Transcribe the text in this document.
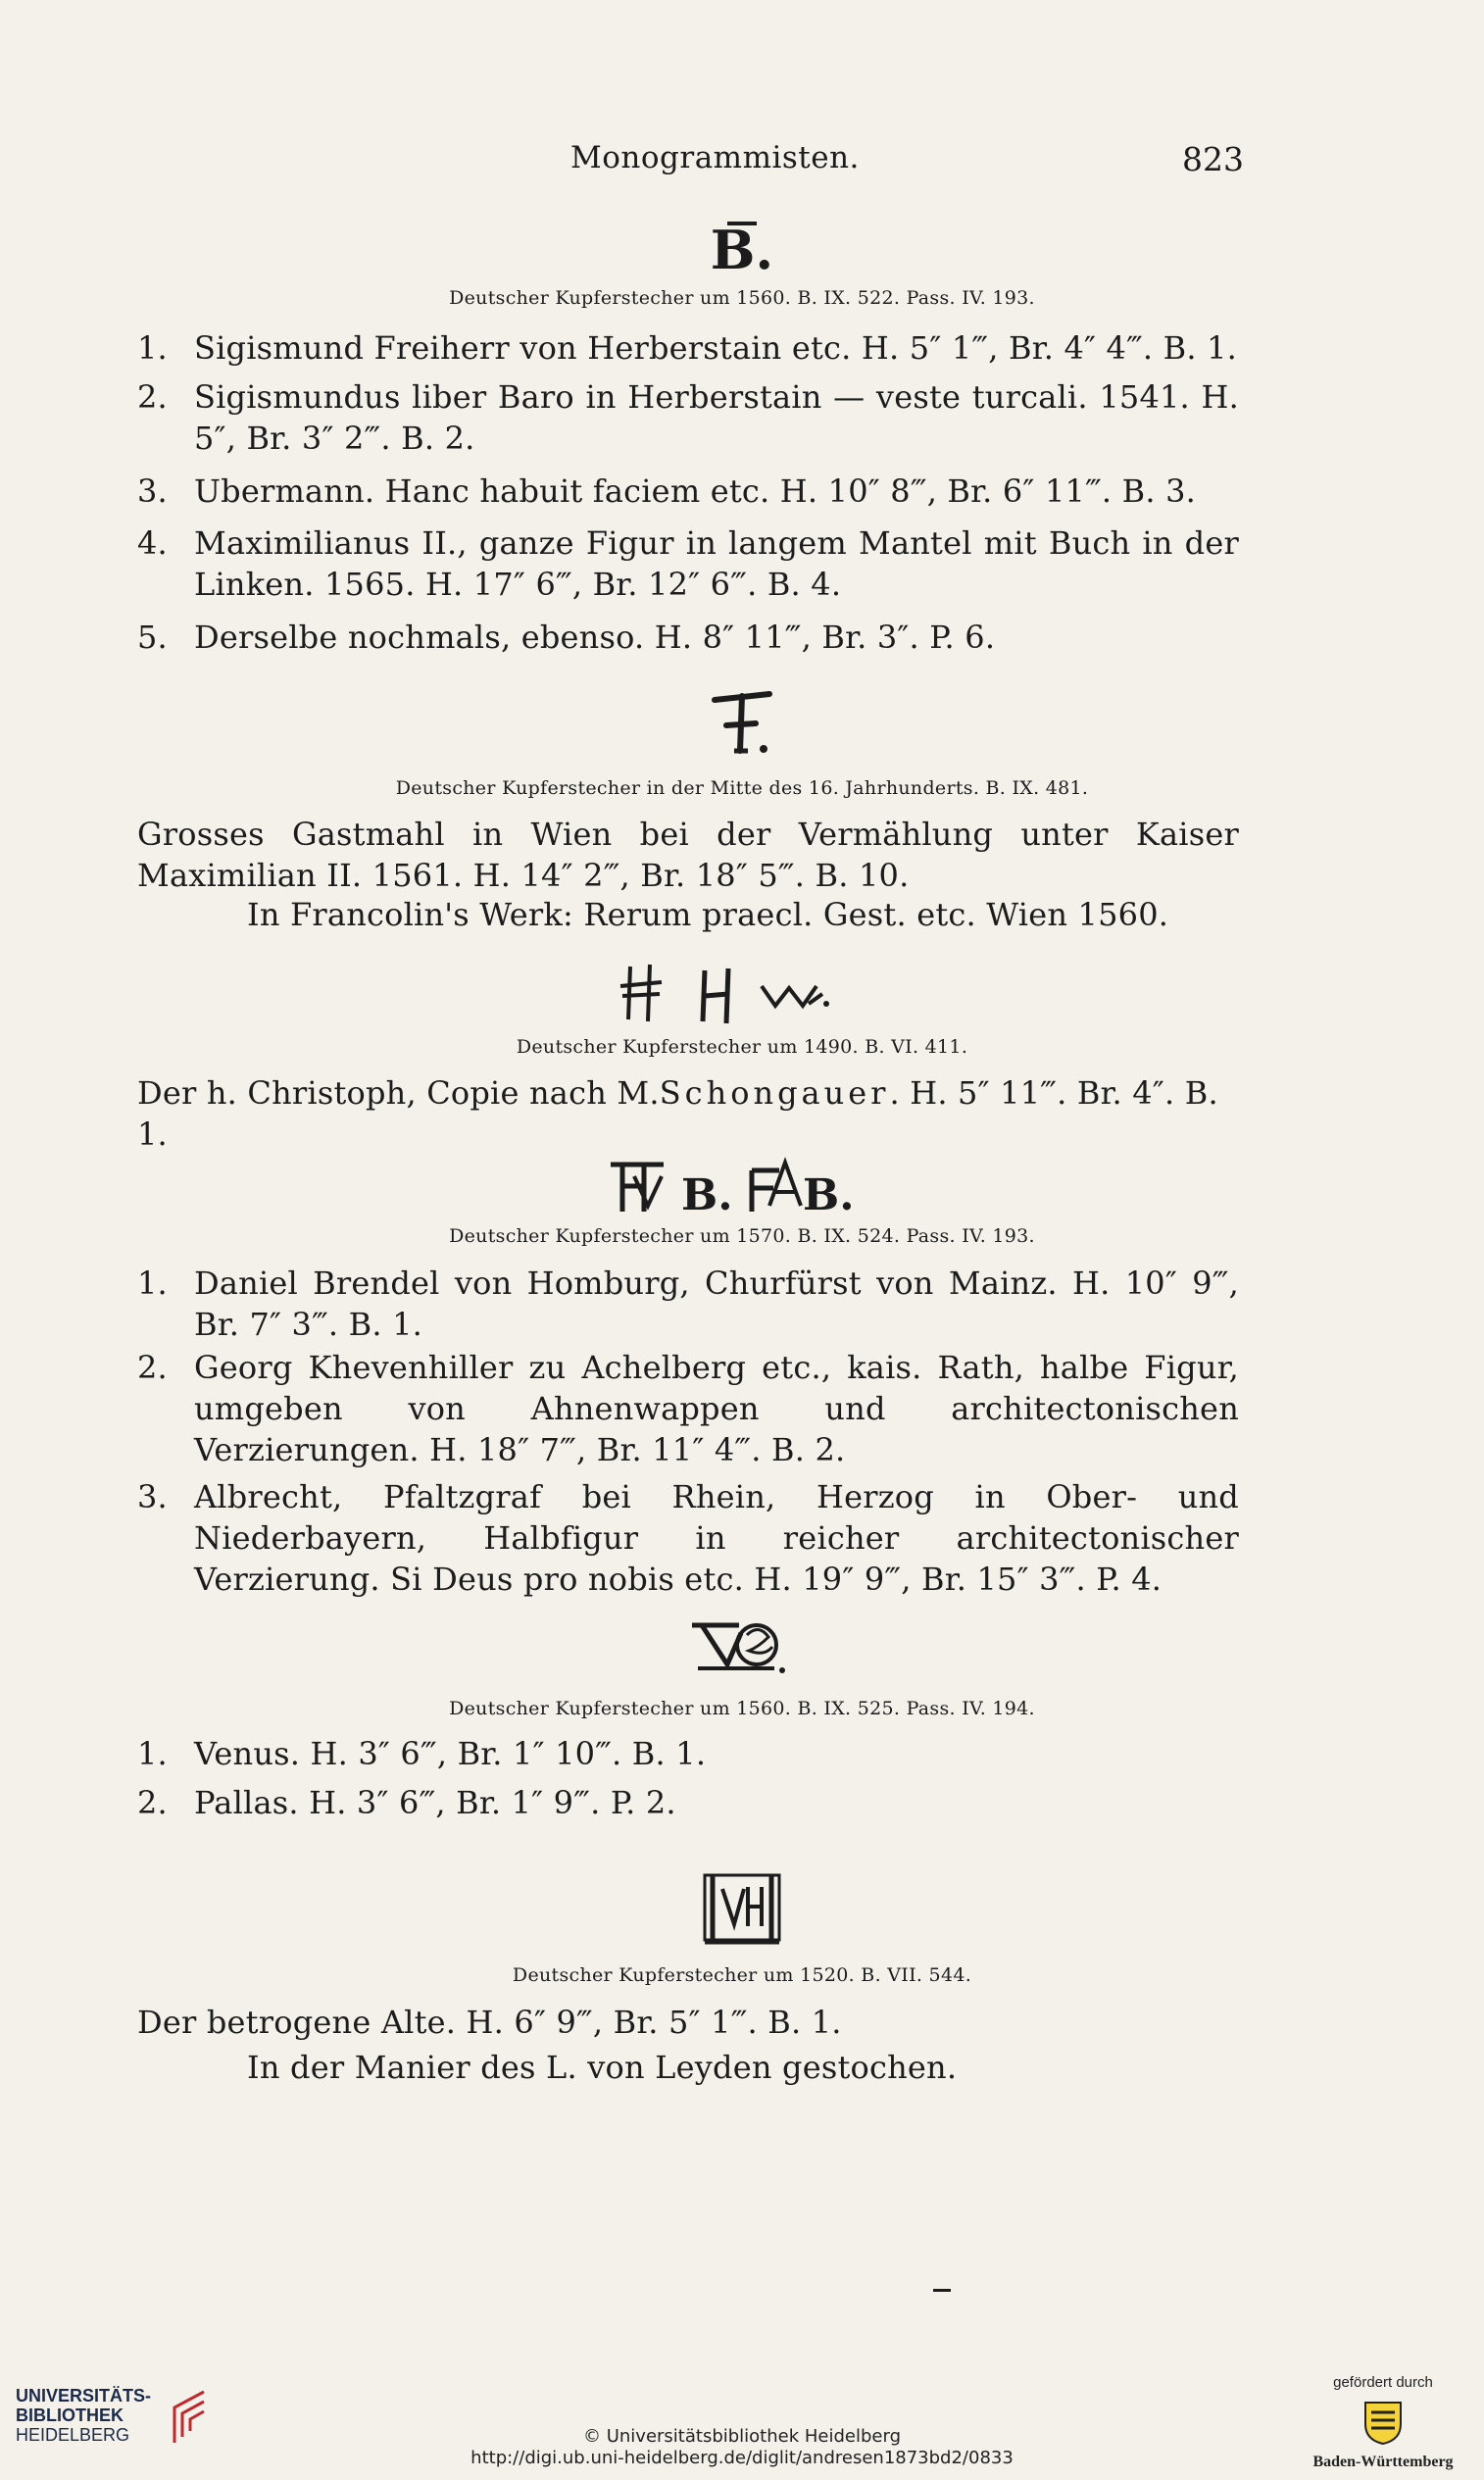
Monogrammisten.	823
B.
Deutscher Kupferstecher um 1560. B. IX. 522. Pass. IV. 193.
1. Sigismund Freiherr von Herberstain etc. H. 5″ 1‴, Br. 4″ 4‴. B. 1.
2. Sigismundus liber Baro in Herberstain — veste turcali. 1541. H. 5″, Br. 3″ 2‴. B. 2.
3. Ubermann. Hanc habuit faciem etc. H. 10″ 8‴, Br. 6″ 11‴. B. 3.
4. Maximilianus II., ganze Figur in langem Mantel mit Buch in der Linken. 1565. H. 17″ 6‴, Br. 12″ 6‴. B. 4.
5. Derselbe nochmals, ebenso. H. 8″ 11‴, Br. 3″. P. 6.
Deutscher Kupferstecher in der Mitte des 16. Jahrhunderts. B. IX. 481.
Grosses Gastmahl in Wien bei der Vermählung unter Kaiser Maximilian II. 1561. H. 14″ 2‴, Br. 18″ 5‴. B. 10.
In Francolin's Werk: Rerum praecl. Gest. etc. Wien 1560.
Deutscher Kupferstecher um 1490. B. VI. 411.
Der h. Christoph, Copie nach M.Schongauer. H. 5″ 11‴. Br. 4″. B. 1.
B. B.
Deutscher Kupferstecher um 1570. B. IX. 524. Pass. IV. 193.
1. Daniel Brendel von Homburg, Churfürst von Mainz. H. 10″ 9‴, Br. 7″ 3‴. B. 1.
2. Georg Khevenhiller zu Achelberg etc., kais. Rath, halbe Figur, umgeben von Ahnenwappen und architectonischen Verzierungen. H. 18″ 7‴, Br. 11″ 4‴. B. 2.
3. Albrecht, Pfaltzgraf bei Rhein, Herzog in Ober- und Niederbayern, Halbfigur in reicher architectonischer Verzierung. Si Deus pro nobis etc. H. 19″ 9‴, Br. 15″ 3‴. P. 4.
Deutscher Kupferstecher um 1560. B. IX. 525. Pass. IV. 194.
1. Venus. H. 3″ 6‴, Br. 1″ 10‴. B. 1.
2. Pallas. H. 3″ 6‴, Br. 1″ 9‴. P. 2.
Deutscher Kupferstecher um 1520. B. VII. 544.
Der betrogene Alte. H. 6″ 9‴, Br. 5″ 1‴. B. 1.
In der Manier des L. von Leyden gestochen.
UNIVERSITÄTS-
BIBLIOTHEK
HEIDELBERG	© Universitätsbibliothek Heidelberg
http://digi.ub.uni-heidelberg.de/diglit/andresen1873bd2/0833
gefördert durch
Baden-Württemberg
